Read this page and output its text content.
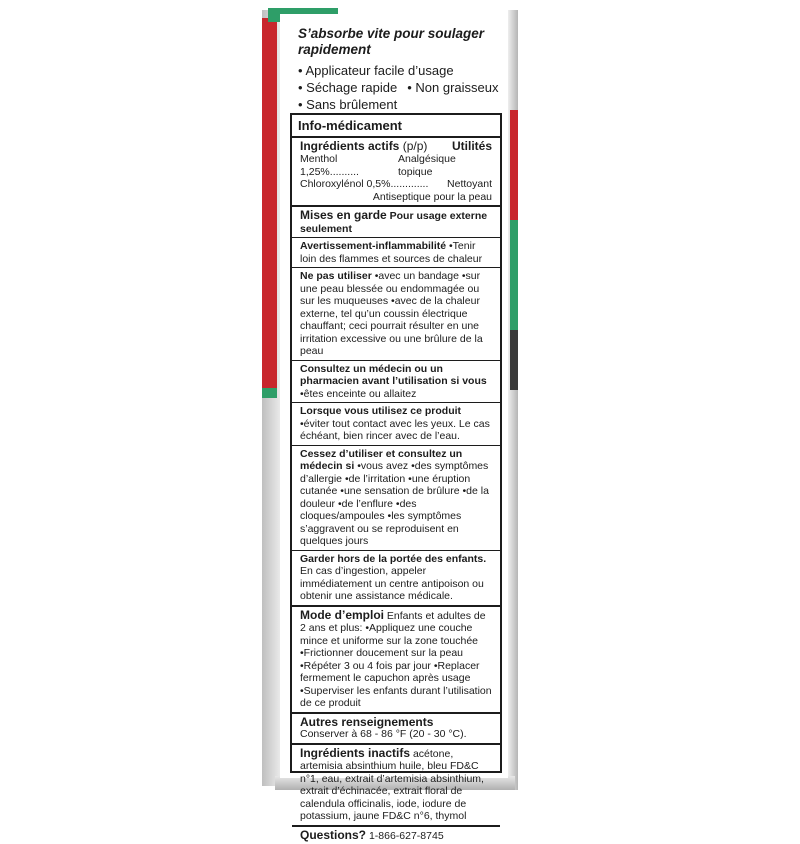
S’absorbe vite pour soulager rapidement
• Applicateur facile d’usage
• Séchage rapide • Non graisseux
• Sans brûlement
Info-médicament
Ingrédients actifs (p/p) Utilités
Menthol 1,25%..........
Analgésique topique
Chloroxylénol 0,5%............. Nettoyant
Antiseptique pour la peau
Mises en garde Pour usage externe seulement
Avertissement-inflammabilité •Tenir loin des flammes et sources de chaleur
Ne pas utiliser •avec un bandage •sur une peau blessée ou endommagée ou sur les muqueuses •avec de la chaleur externe, tel qu’un coussin électrique chauffant; ceci pourrait résulter en une irritation excessive ou une brûlure de la peau
Consultez un médecin ou un pharmacien avant l’utilisation si vous •êtes enceinte ou allaitez
Lorsque vous utilisez ce produit •éviter tout contact avec les yeux. Le cas échéant, bien rincer avec de l’eau.
Cessez d’utiliser et consultez un médecin si •vous avez •des symptômes d’allergie •de l’irritation •une éruption cutanée •une sensation de brûlure •de la douleur •de l’enflure •des cloques/ampoules •les symptômes s’aggravent ou se reproduisent en quelques jours
Garder hors de la portée des enfants. En cas d’ingestion, appeler immédiatement un centre antipoison ou obtenir une assistance médicale.
Mode d’emploi Enfants et adultes de 2 ans et plus: •Appliquez une couche mince et uniforme sur la zone touchée •Frictionner doucement sur la peau •Répéter 3 ou 4 fois par jour •Replacer fermement le capuchon après usage •Superviser les enfants durant l’utilisation de ce produit
Autres renseignements
Conserver à 68 - 86 °F (20 - 30 °C).
Ingrédients inactifs acétone, artemisia absinthium huile, bleu FD&C n°1, eau, extrait d’artemisia absinthium, extrait d’échinacée, extrait floral de calendula officinalis, iode, iodure de potassium, jaune FD&C n°6, thymol
Questions? 1-866-627-8745
